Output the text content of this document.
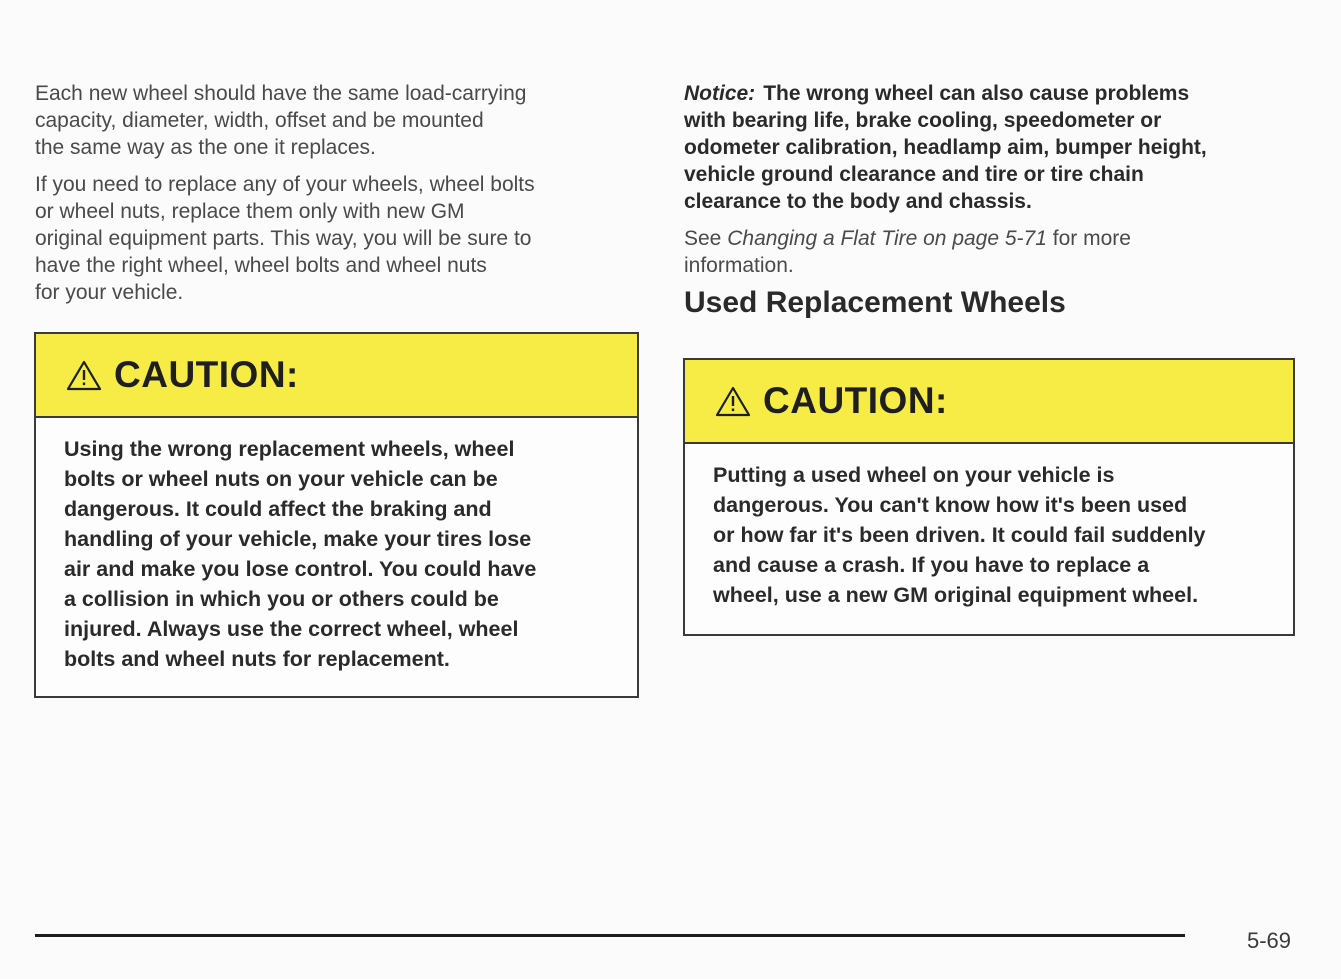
Each new wheel should have the same load-carrying
capacity, diameter, width, offset and be mounted
the same way as the one it replaces.

If you need to replace any of your wheels, wheel bolts
or wheel nuts, replace them only with new GM
original equipment parts. This way, you will be sure to
have the right wheel, wheel bolts and wheel nuts
for your vehicle.

CAUTION:
Using the wrong replacement wheels, wheel
bolts or wheel nuts on your vehicle can be
dangerous. It could affect the braking and
handling of your vehicle, make your tires lose
air and make you lose control. You could have
a collision in which you or others could be
injured. Always use the correct wheel, wheel
bolts and wheel nuts for replacement.

Notice: The wrong wheel can also cause problems
with bearing life, brake cooling, speedometer or
odometer calibration, headlamp aim, bumper height,
vehicle ground clearance and tire or tire chain
clearance to the body and chassis.

See Changing a Flat Tire on page 5-71 for more
information.

Used Replacement Wheels
CAUTION:
Putting a used wheel on your vehicle is
dangerous. You can't know how it's been used
or how far it's been driven. It could fail suddenly
and cause a crash. If you have to replace a
wheel, use a new GM original equipment wheel.
5-69
